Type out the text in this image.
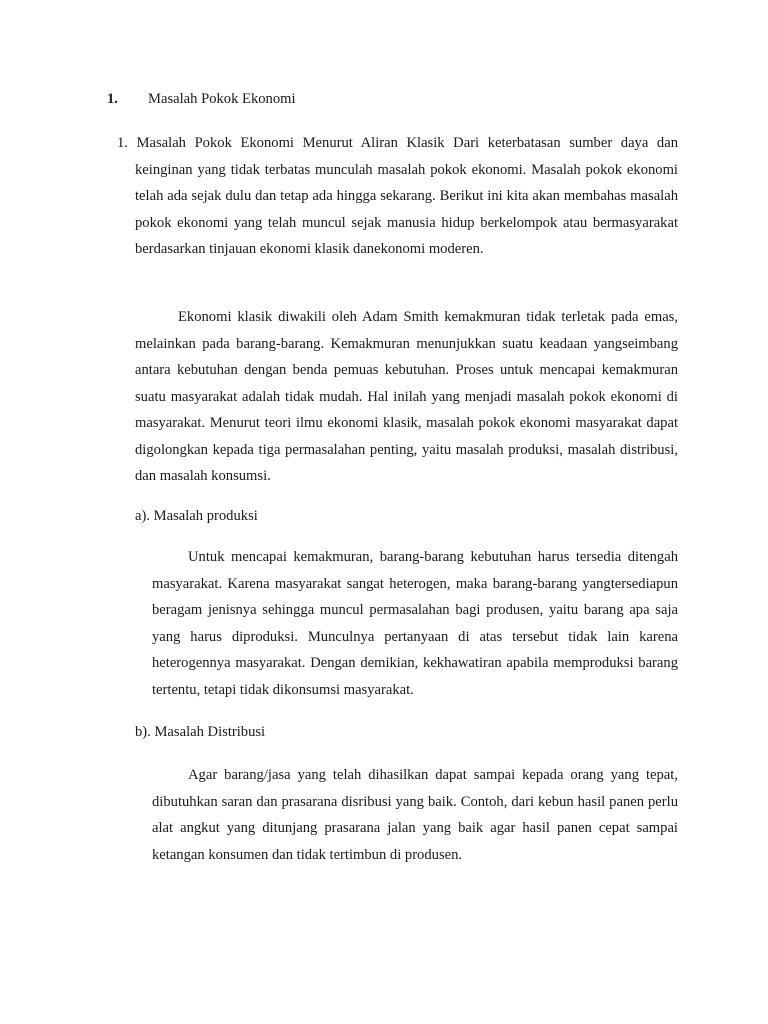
1. Masalah Pokok Ekonomi

1. Masalah Pokok Ekonomi Menurut Aliran Klasik Dari keterbatasan sumber daya dan keinginan yang tidak terbatas munculah masalah pokok ekonomi. Masalah pokok ekonomi telah ada sejak dulu dan tetap ada hingga sekarang. Berikut ini kita akan membahas masalah pokok ekonomi yang telah muncul sejak manusia hidup berkelompok atau bermasyarakat berdasarkan tinjauan ekonomi klasik danekonomi moderen.

Ekonomi klasik diwakili oleh Adam Smith kemakmuran tidak terletak pada emas, melainkan pada barang-barang. Kemakmuran menunjukkan suatu keadaan yangseimbang antara kebutuhan dengan benda pemuas kebutuhan. Proses untuk mencapai kemakmuran suatu masyarakat adalah tidak mudah. Hal inilah yang menjadi masalah pokok ekonomi di masyarakat. Menurut teori ilmu ekonomi klasik, masalah pokok ekonomi masyarakat dapat digolongkan kepada tiga permasalahan penting, yaitu masalah produksi, masalah distribusi, dan masalah konsumsi.

a). Masalah produksi

Untuk mencapai kemakmuran, barang-barang kebutuhan harus tersedia ditengah masyarakat. Karena masyarakat sangat heterogen, maka barang-barang yangtersediapun beragam jenisnya sehingga muncul permasalahan bagi produsen, yaitu barang apa saja yang harus diproduksi. Munculnya pertanyaan di atas tersebut tidak lain karena heterogennya masyarakat. Dengan demikian, kekhawatiran apabila memproduksi barang tertentu, tetapi tidak dikonsumsi masyarakat.

b). Masalah Distribusi

Agar barang/jasa yang telah dihasilkan dapat sampai kepada orang yang tepat, dibutuhkan saran dan prasarana disribusi yang baik. Contoh, dari kebun hasil panen perlu alat angkut yang ditunjang prasarana jalan yang baik agar hasil panen cepat sampai ketangan konsumen dan tidak tertimbun di produsen.
